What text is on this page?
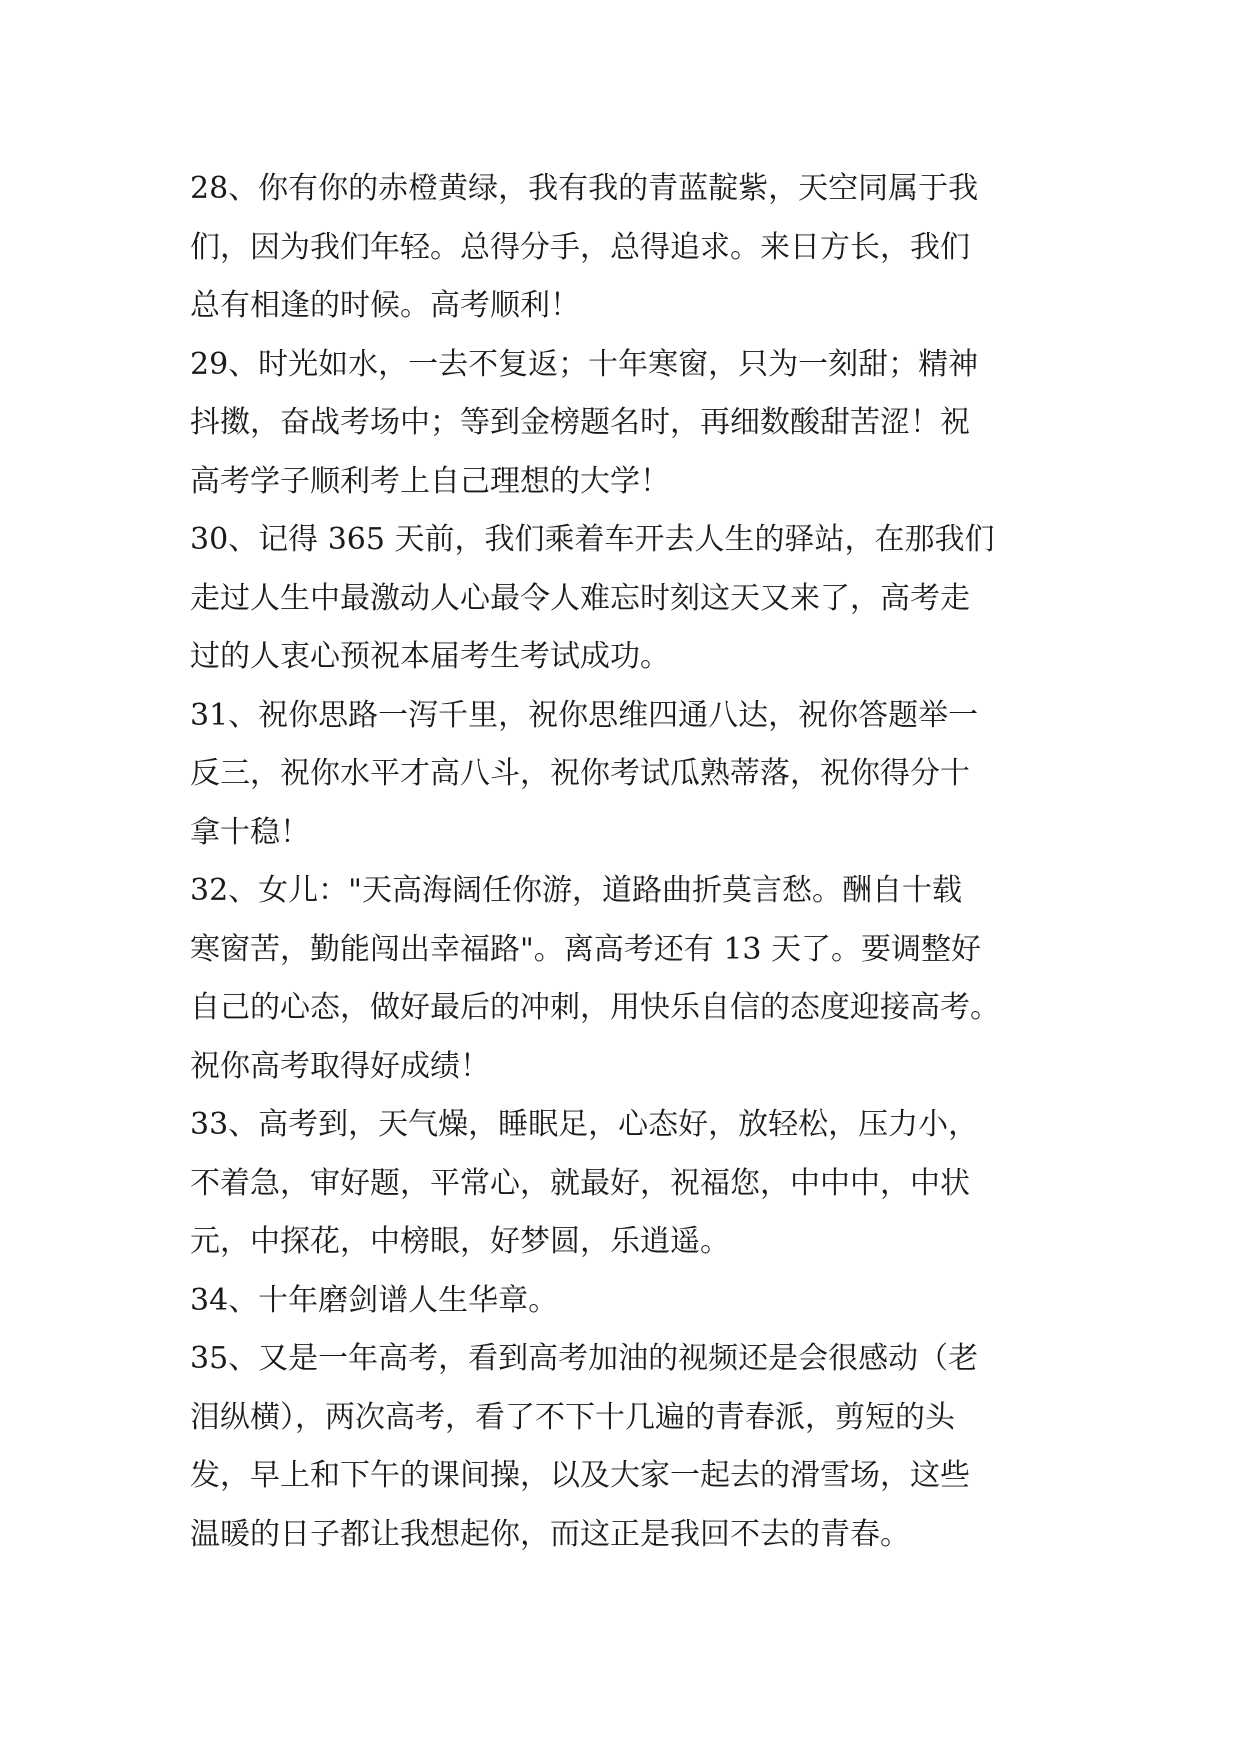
28、你有你的赤橙黄绿，我有我的青蓝靛紫，天空同属于我
们，因为我们年轻。总得分手，总得追求。来日方长，我们
总有相逢的时候。高考顺利！
29、时光如水，一去不复返；十年寒窗，只为一刻甜；精神
抖擞，奋战考场中；等到金榜题名时，再细数酸甜苦涩！祝
高考学子顺利考上自己理想的大学！
30、记得 365 天前，我们乘着车开去人生的驿站，在那我们
走过人生中最激动人心最令人难忘时刻这天又来了，高考走
过的人衷心预祝本届考生考试成功。
31、祝你思路一泻千里，祝你思维四通八达，祝你答题举一
反三，祝你水平才高八斗，祝你考试瓜熟蒂落，祝你得分十
拿十稳！
32、女儿："天高海阔任你游，道路曲折莫言愁。酬自十载
寒窗苦，勤能闯出幸福路"。离高考还有 13 天了。要调整好
自己的心态，做好最后的冲刺，用快乐自信的态度迎接高考。
祝你高考取得好成绩！
33、高考到，天气燥，睡眠足，心态好，放轻松，压力小，
不着急，审好题，平常心，就最好，祝福您，中中中，中状
元，中探花，中榜眼，好梦圆，乐逍遥。
34、十年磨剑谱人生华章。
35、又是一年高考，看到高考加油的视频还是会很感动（老
泪纵横），两次高考，看了不下十几遍的青春派，剪短的头
发，早上和下午的课间操，以及大家一起去的滑雪场，这些
温暖的日子都让我想起你，而这正是我回不去的青春。
